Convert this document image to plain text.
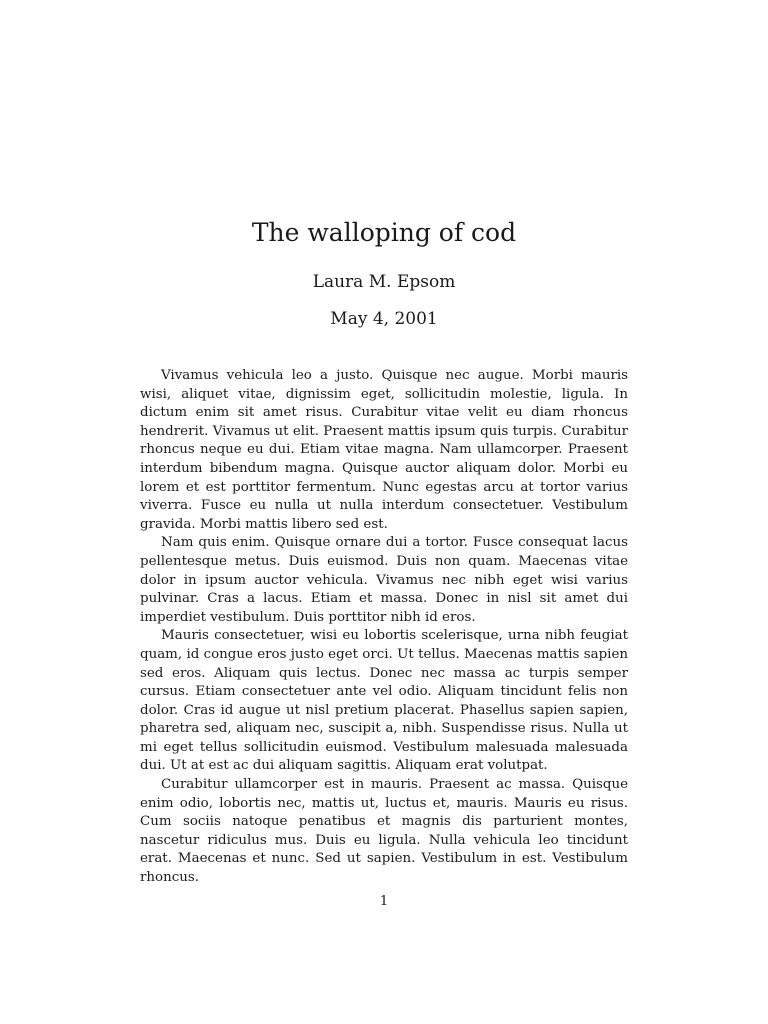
The walloping of cod
Laura M. Epsom
May 4, 2001

Vivamus vehicula leo a justo. Quisque nec augue. Morbi mauris wisi, aliquet vitae, dignissim eget, sollicitudin molestie, ligula. In dictum enim sit amet risus. Curabitur vitae velit eu diam rhoncus hendrerit. Vivamus ut elit. Praesent mattis ipsum quis turpis. Curabitur rhoncus neque eu dui. Etiam vitae magna. Nam ullamcorper. Praesent interdum bibendum magna. Quisque auctor aliquam dolor. Morbi eu lorem et est porttitor fermentum. Nunc egestas arcu at tortor varius viverra. Fusce eu nulla ut nulla interdum consectetuer. Vestibulum gravida. Morbi mattis libero sed est.

Nam quis enim. Quisque ornare dui a tortor. Fusce consequat lacus pellentesque metus. Duis euismod. Duis non quam. Maecenas vitae dolor in ipsum auctor vehicula. Vivamus nec nibh eget wisi varius pulvinar. Cras a lacus. Etiam et massa. Donec in nisl sit amet dui imperdiet vestibulum. Duis porttitor nibh id eros.

Mauris consectetuer, wisi eu lobortis scelerisque, urna nibh feugiat quam, id congue eros justo eget orci. Ut tellus. Maecenas mattis sapien sed eros. Aliquam quis lectus. Donec nec massa ac turpis semper cursus. Etiam consectetuer ante vel odio. Aliquam tincidunt felis non dolor. Cras id augue ut nisl pretium placerat. Phasellus sapien sapien, pharetra sed, aliquam nec, suscipit a, nibh. Suspendisse risus. Nulla ut mi eget tellus sollicitudin euismod. Vestibulum malesuada malesuada dui. Ut at est ac dui aliquam sagittis. Aliquam erat volutpat.

Curabitur ullamcorper est in mauris. Praesent ac massa. Quisque enim odio, lobortis nec, mattis ut, luctus et, mauris. Mauris eu risus. Cum sociis natoque penatibus et magnis dis parturient montes, nascetur ridiculus mus. Duis eu ligula. Nulla vehicula leo tincidunt erat. Maecenas et nunc. Sed ut sapien. Vestibulum in est. Vestibulum rhoncus.

1
